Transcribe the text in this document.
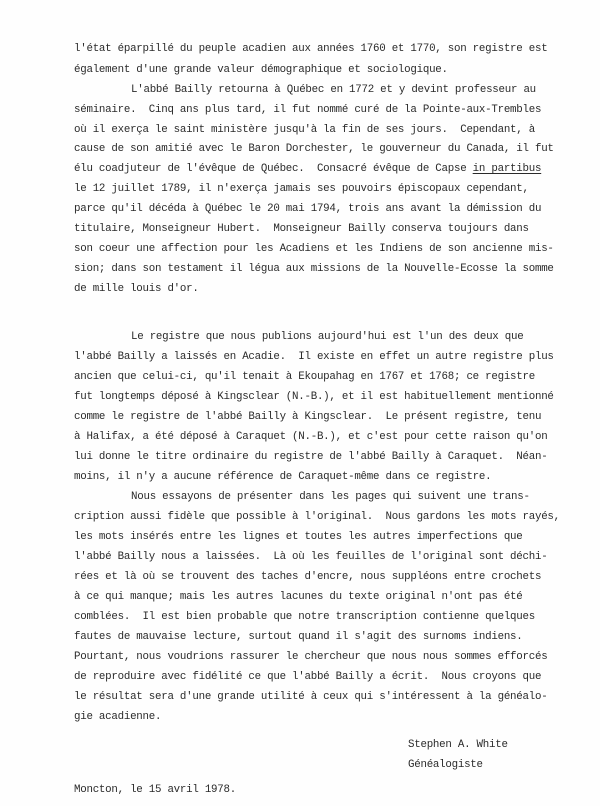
l'état éparpillé du peuple acadien aux années 1760 et 1770, son registre est
également d'une grande valeur démographique et sociologique.
L'abbé Bailly retourna à Québec en 1772 et y devint professeur au
séminaire.  Cinq ans plus tard, il fut nommé curé de la Pointe-aux-Trembles
où il exerça le saint ministère jusqu'à la fin de ses jours.  Cependant, à
cause de son amitié avec le Baron Dorchester, le gouverneur du Canada, il fut
élu coadjuteur de l'évêque de Québec.  Consacré évêque de Capse in partibus
le 12 juillet 1789, il n'exerça jamais ses pouvoirs épiscopaux cependant,
parce qu'il décéda à Québec le 20 mai 1794, trois ans avant la démission du
titulaire, Monseigneur Hubert.  Monseigneur Bailly conserva toujours dans
son coeur une affection pour les Acadiens et les Indiens de son ancienne mis-
sion; dans son testament il légua aux missions de la Nouvelle-Ecosse la somme
de mille louis d'or.
Le registre que nous publions aujourd'hui est l'un des deux que
l'abbé Bailly a laissés en Acadie.  Il existe en effet un autre registre plus
ancien que celui-ci, qu'il tenait à Ekoupahag en 1767 et 1768; ce registre
fut longtemps déposé à Kingsclear (N.-B.), et il est habituellement mentionné
comme le registre de l'abbé Bailly à Kingsclear.  Le présent registre, tenu
à Halifax, a été déposé à Caraquet (N.-B.), et c'est pour cette raison qu'on
lui donne le titre ordinaire du registre de l'abbé Bailly à Caraquet.  Néan-
moins, il n'y a aucune référence de Caraquet-même dans ce registre.
Nous essayons de présenter dans les pages qui suivent une trans-
cription aussi fidèle que possible à l'original.  Nous gardons les mots rayés,
les mots insérés entre les lignes et toutes les autres imperfections que
l'abbé Bailly nous a laissées.  Là où les feuilles de l'original sont déchi-
rées et là où se trouvent des taches d'encre, nous suppléons entre crochets
à ce qui manque; mais les autres lacunes du texte original n'ont pas été
comblées.  Il est bien probable que notre transcription contienne quelques
fautes de mauvaise lecture, surtout quand il s'agit des surnoms indiens.
Pourtant, nous voudrions rassurer le chercheur que nous nous sommes efforcés
de reproduire avec fidélité ce que l'abbé Bailly a écrit.  Nous croyons que
le résultat sera d'une grande utilité à ceux qui s'intéressent à la généalo-
gie acadienne.
Stephen A. White
Généalogiste
Moncton, le 15 avril 1978.
